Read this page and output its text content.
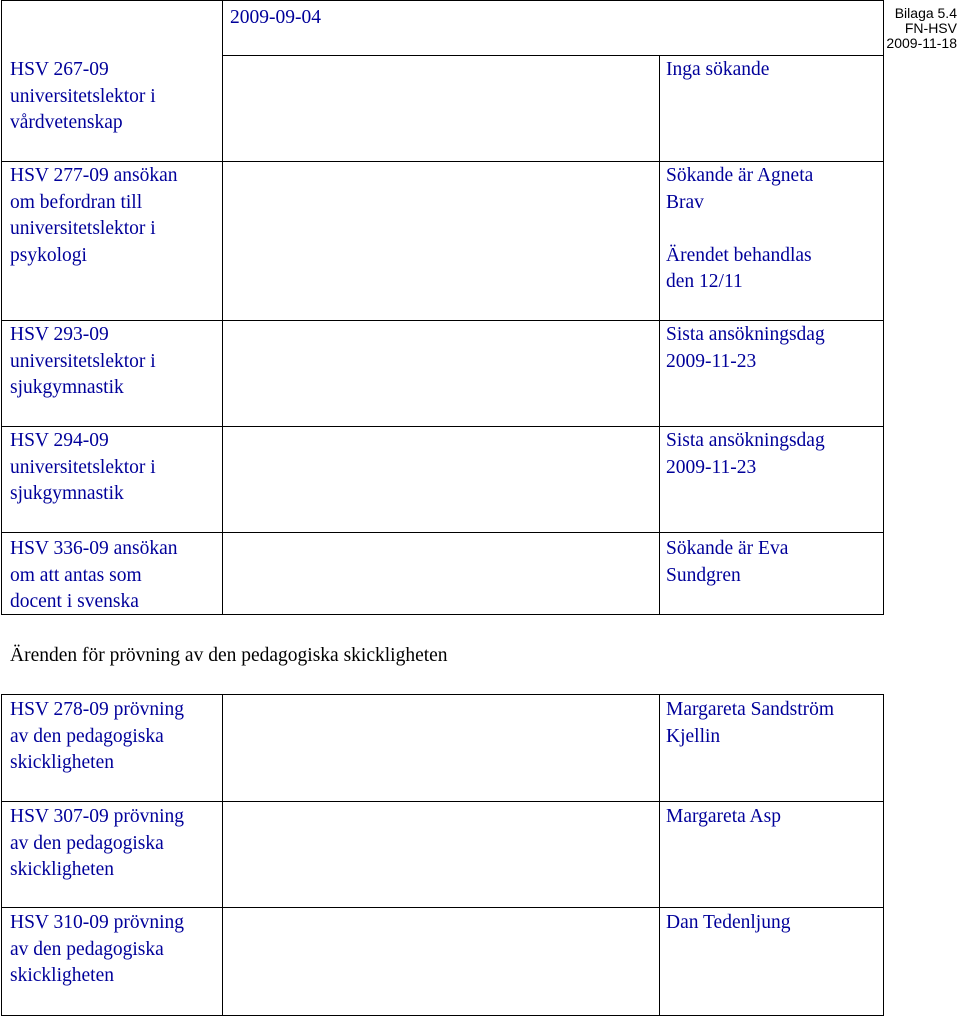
Bilaga 5.4
FN-HSV
2009-11-18
2009-09-04
HSV 267-09
universitetslektor i
vårdvetenskap
Inga sökande
HSV 277-09 ansökan
om befordran till
universitetslektor i
psykologi
Sökande är Agneta
Brav

Ärendet behandlas
den 12/11
HSV 293-09
universitetslektor i
sjukgymnastik
Sista ansökningsdag
2009-11-23
HSV 294-09
universitetslektor i
sjukgymnastik
Sista ansökningsdag
2009-11-23
HSV 336-09 ansökan
om att antas som
docent i svenska
Sökande är Eva
Sundgren
Ärenden för prövning av den pedagogiska skickligheten
HSV 278-09 prövning
av den pedagogiska
skickligheten
Margareta Sandström
Kjellin
HSV 307-09 prövning
av den pedagogiska
skickligheten
Margareta Asp
HSV 310-09 prövning
av den pedagogiska
skickligheten
Dan Tedenljung
